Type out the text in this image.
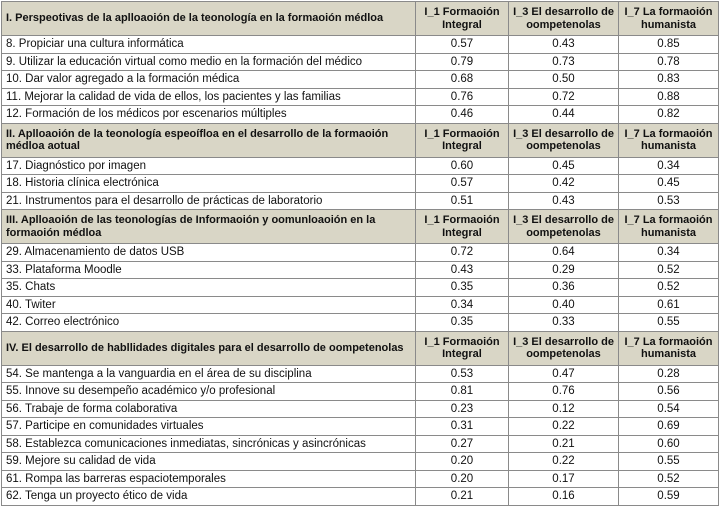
I. Perspeotivas de la aplloaoión de la teonología en la formaoión médloa	I_1 Formaoión Integral	I_3 El desarrollo de oompetenolas	I_7 La formaoión humanista
8. Propiciar una cultura informática	0.57	0.43	0.85
9. Utilizar la educación virtual como medio en la formación del médico	0.79	0.73	0.78
10. Dar valor agregado a la formación médica	0.68	0.50	0.83
11. Mejorar la calidad de vida de ellos, los pacientes y las familias	0.76	0.72	0.88
12. Formación de los médicos por escenarios múltiples	0.46	0.44	0.82
II. Aplloaoión de la teonología espeoífloa en el desarrollo de la formaoión médloa aotual	I_1 Formaoión Integral	I_3 El desarrollo de oompetenolas	I_7 La formaoión humanista
17. Diagnóstico por imagen	0.60	0.45	0.34
18. Historia clínica electrónica	0.57	0.42	0.45
21. Instrumentos para el desarrollo de prácticas de laboratorio	0.51	0.43	0.53
III. Aplloaoión de las teonologías de Informaoión y oomunloaoión en la formaoión médloa	I_1 Formaoión Integral	I_3 El desarrollo de oompetenolas	I_7 La formaoión humanista
29. Almacenamiento de datos USB	0.72	0.64	0.34
33. Plataforma Moodle	0.43	0.29	0.52
35. Chats	0.35	0.36	0.52
40. Twiter	0.34	0.40	0.61
42. Correo electrónico	0.35	0.33	0.55
IV. El desarrollo de habllidades digitales para el desarrollo de oompetenolas	I_1 Formaoión Integral	I_3 El desarrollo de oompetenolas	I_7 La formaoión humanista
54. Se mantenga a la vanguardia en el área de su disciplina	0.53	0.47	0.28
55. Innove su desempeño académico y/o profesional	0.81	0.76	0.56
56. Trabaje de forma colaborativa	0.23	0.12	0.54
57. Participe en comunidades virtuales	0.31	0.22	0.69
58. Establezca comunicaciones inmediatas, sincrónicas y asincrónicas	0.27	0.21	0.60
59. Mejore su calidad de vida	0.20	0.22	0.55
61. Rompa las barreras espaciotemporales	0.20	0.17	0.52
62. Tenga un proyecto ético de vida	0.21	0.16	0.59
